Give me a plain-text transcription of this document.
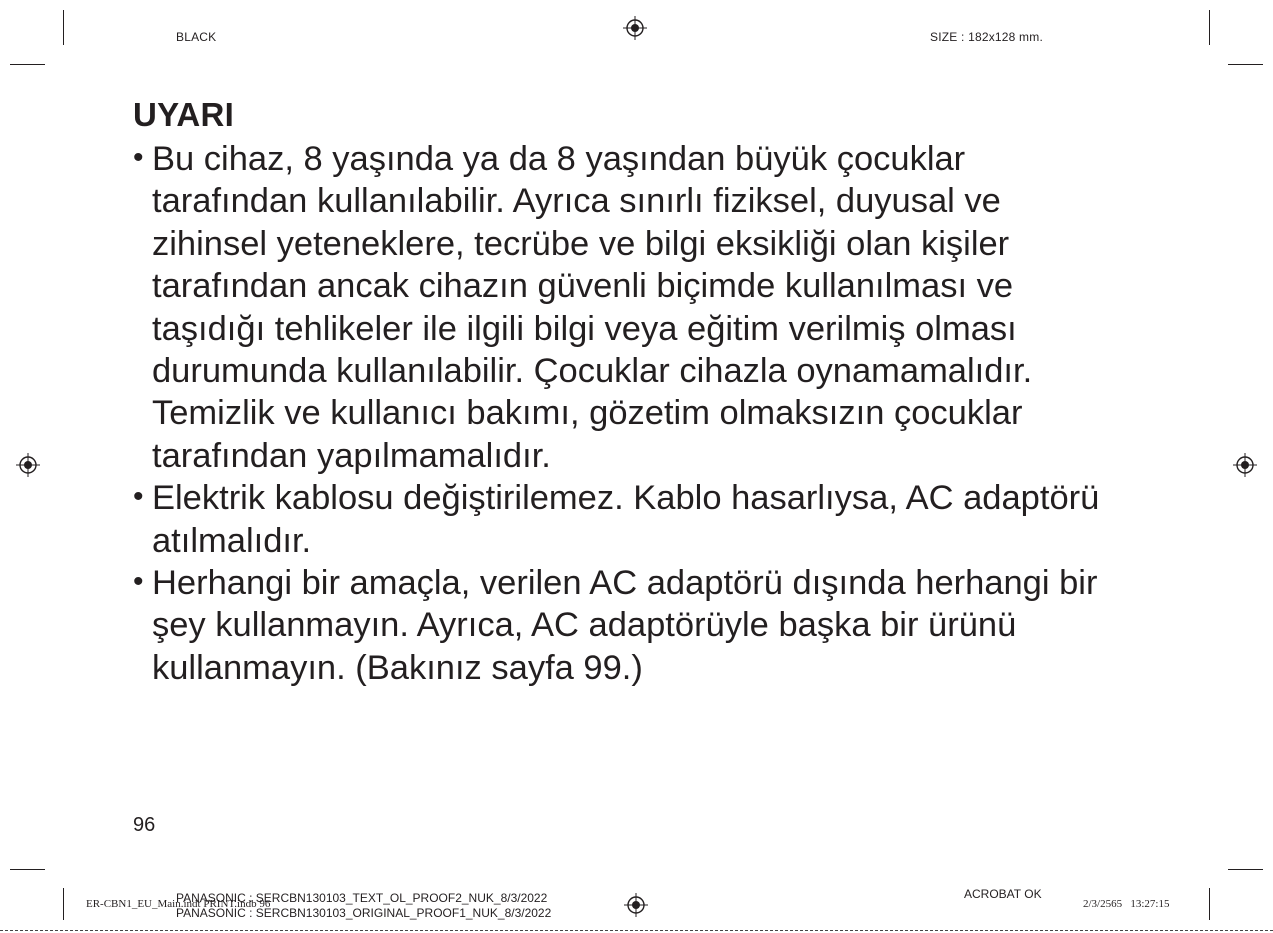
BLACK	SIZE : 182x128 mm.
UYARI
• Bu cihaz, 8 yaşında ya da 8 yaşından büyük çocuklar
tarafından kullanılabilir. Ayrıca sınırlı fiziksel, duyusal ve
zihinsel yeteneklere, tecrübe ve bilgi eksikliği olan kişiler
tarafından ancak cihazın güvenli biçimde kullanılması ve
taşıdığı tehlikeler ile ilgili bilgi veya eğitim verilmiş olması
durumunda kullanılabilir. Çocuklar cihazla oynamamalıdır.
Temizlik ve kullanıcı bakımı, gözetim olmaksızın çocuklar
tarafından yapılmamalıdır.
• Elektrik kablosu değiştirilemez. Kablo hasarlıysa, AC adaptörü
atılmalıdır.
• Herhangi bir amaçla, verilen AC adaptörü dışında herhangi bir
şey kullanmayın. Ayrıca, AC adaptörüyle başka bir ürünü
kullanmayın. (Bakınız sayfa 99.)
96
ER-CBN1_EU_Main.indt PRINT.indb 96
PANASONIC : SERCBN130103_TEXT_OL_PROOF2_NUK_8/3/2022
PANASONIC : SERCBN130103_ORIGINAL_PROOF1_NUK_8/3/2022
ACROBAT OK
2/3/2565   13:27:15
